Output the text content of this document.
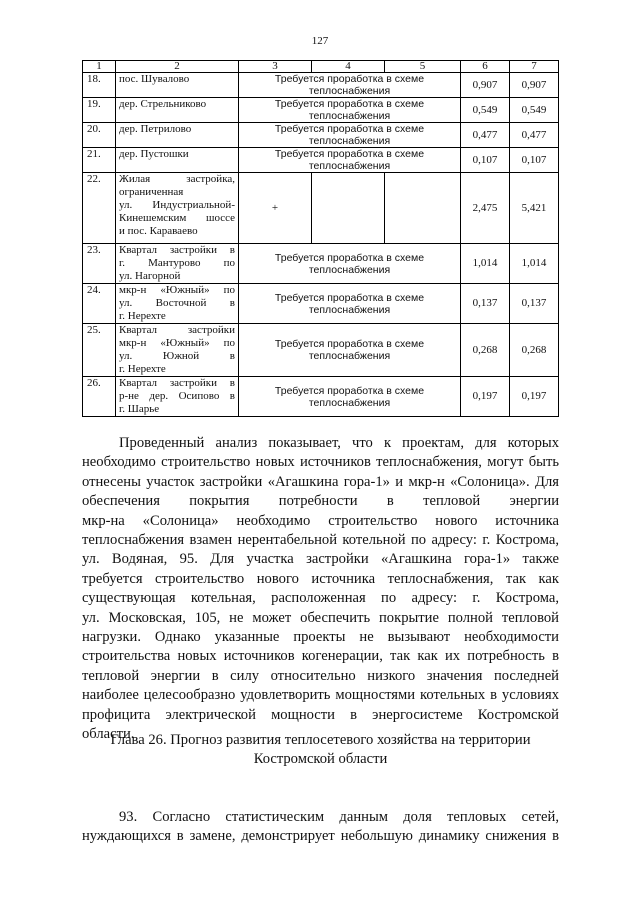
127
1	2	3	4	5	6	7
18.	пос. Шувалово	Требуется проработка в схеме теплоснабжения			0,907	0,907
19.	дер. Стрельниково	Требуется проработка в схеме теплоснабжения			0,549	0,549
20.	дер. Петрилово	Требуется проработка в схеме теплоснабжения			0,477	0,477
21.	дер. Пустошки	Требуется проработка в схеме теплоснабжения			0,107	0,107
22.	Жилая застройка,
ограниченная
ул. Индустриальной-
Кинешемским шоссе
и пос. Караваево	+			2,475	5,421
23.	Квартал застройки в
г. Мантурово по
ул. Нагорной	Требуется проработка в схеме теплоснабжения			1,014	1,014
24.	мкр-н «Южный» по
ул. Восточной в
г. Нерехте	Требуется проработка в схеме теплоснабжения			0,137	0,137
25.	Квартал застройки
мкр-н «Южный» по
ул. Южной в
г. Нерехте	Требуется проработка в схеме теплоснабжения			0,268	0,268
26.	Квартал застройки в
р-не дер. Осипово в
г. Шарье	Требуется проработка в схеме теплоснабжения			0,197	0,197
Проведенный анализ показывает, что к проектам, для которых
необходимо строительство новых источников теплоснабжения, могут быть
отнесены участок застройки «Агашкина гора-1» и мкр-н «Солоница». Для
обеспечения покрытия потребности в тепловой энергии
мкр-на «Солоница» необходимо строительство нового источника
теплоснабжения взамен нерентабельной котельной по адресу: г. Кострома,
ул. Водяная, 95. Для участка застройки «Агашкина гора-1» также
требуется строительство нового источника теплоснабжения, так как
существующая котельная, расположенная по адресу: г. Кострома,
ул. Московская, 105, не может обеспечить покрытие полной тепловой
нагрузки. Однако указанные проекты не вызывают необходимости
строительства новых источников когенерации, так как их потребность в
тепловой энергии в силу относительно низкого значения последней
наиболее целесообразно удовлетворить мощностями котельных в условиях
профицита электрической мощности в энергосистеме Костромской
области.
Глава 26. Прогноз развития теплосетевого хозяйства на территории
Костромской области
93. Согласно статистическим данным доля тепловых сетей,
нуждающихся в замене, демонстрирует небольшую динамику снижения в
